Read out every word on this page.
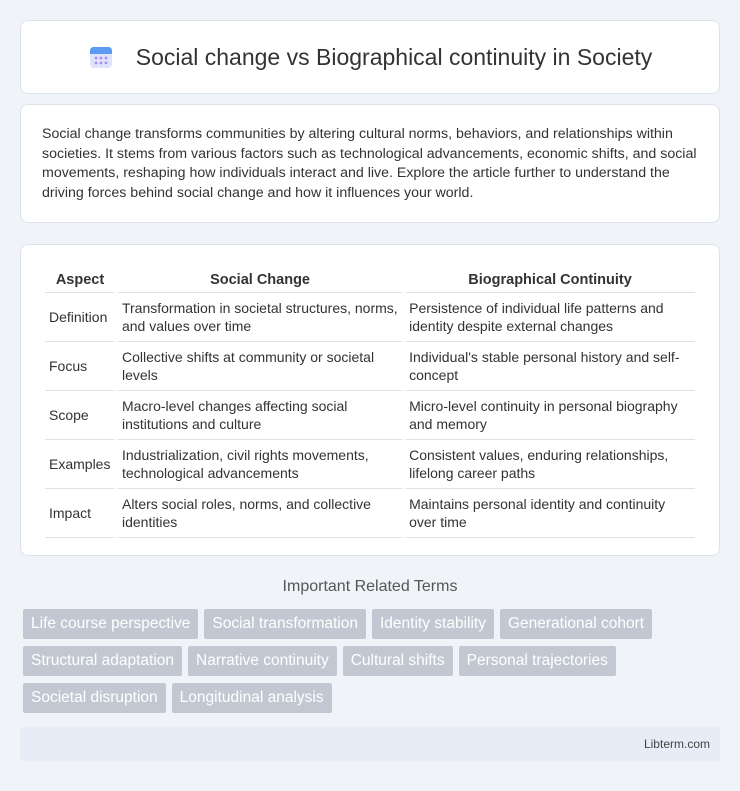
Social change vs Biographical continuity in Society

Social change transforms communities by altering cultural norms, behaviors, and relationships within societies. It stems from various factors such as technological advancements, economic shifts, and social movements, reshaping how individuals interact and live. Explore the article further to understand the driving forces behind social change and how it influences your world.

Aspect	Social Change	Biographical Continuity
Definition	Transformation in societal structures, norms, and values over time	Persistence of individual life patterns and identity despite external changes
Focus	Collective shifts at community or societal levels	Individual's stable personal history and self-concept
Scope	Macro-level changes affecting social institutions and culture	Micro-level continuity in personal biography and memory
Examples	Industrialization, civil rights movements, technological advancements	Consistent values, enduring relationships, lifelong career paths
Impact	Alters social roles, norms, and collective identities	Maintains personal identity and continuity over time
Important Related Terms
Life course perspective	Social transformation	Identity stability	Generational cohort
Structural adaptation	Narrative continuity	Cultural shifts	Personal trajectories
Societal disruption	Longitudinal analysis
Libterm.com
